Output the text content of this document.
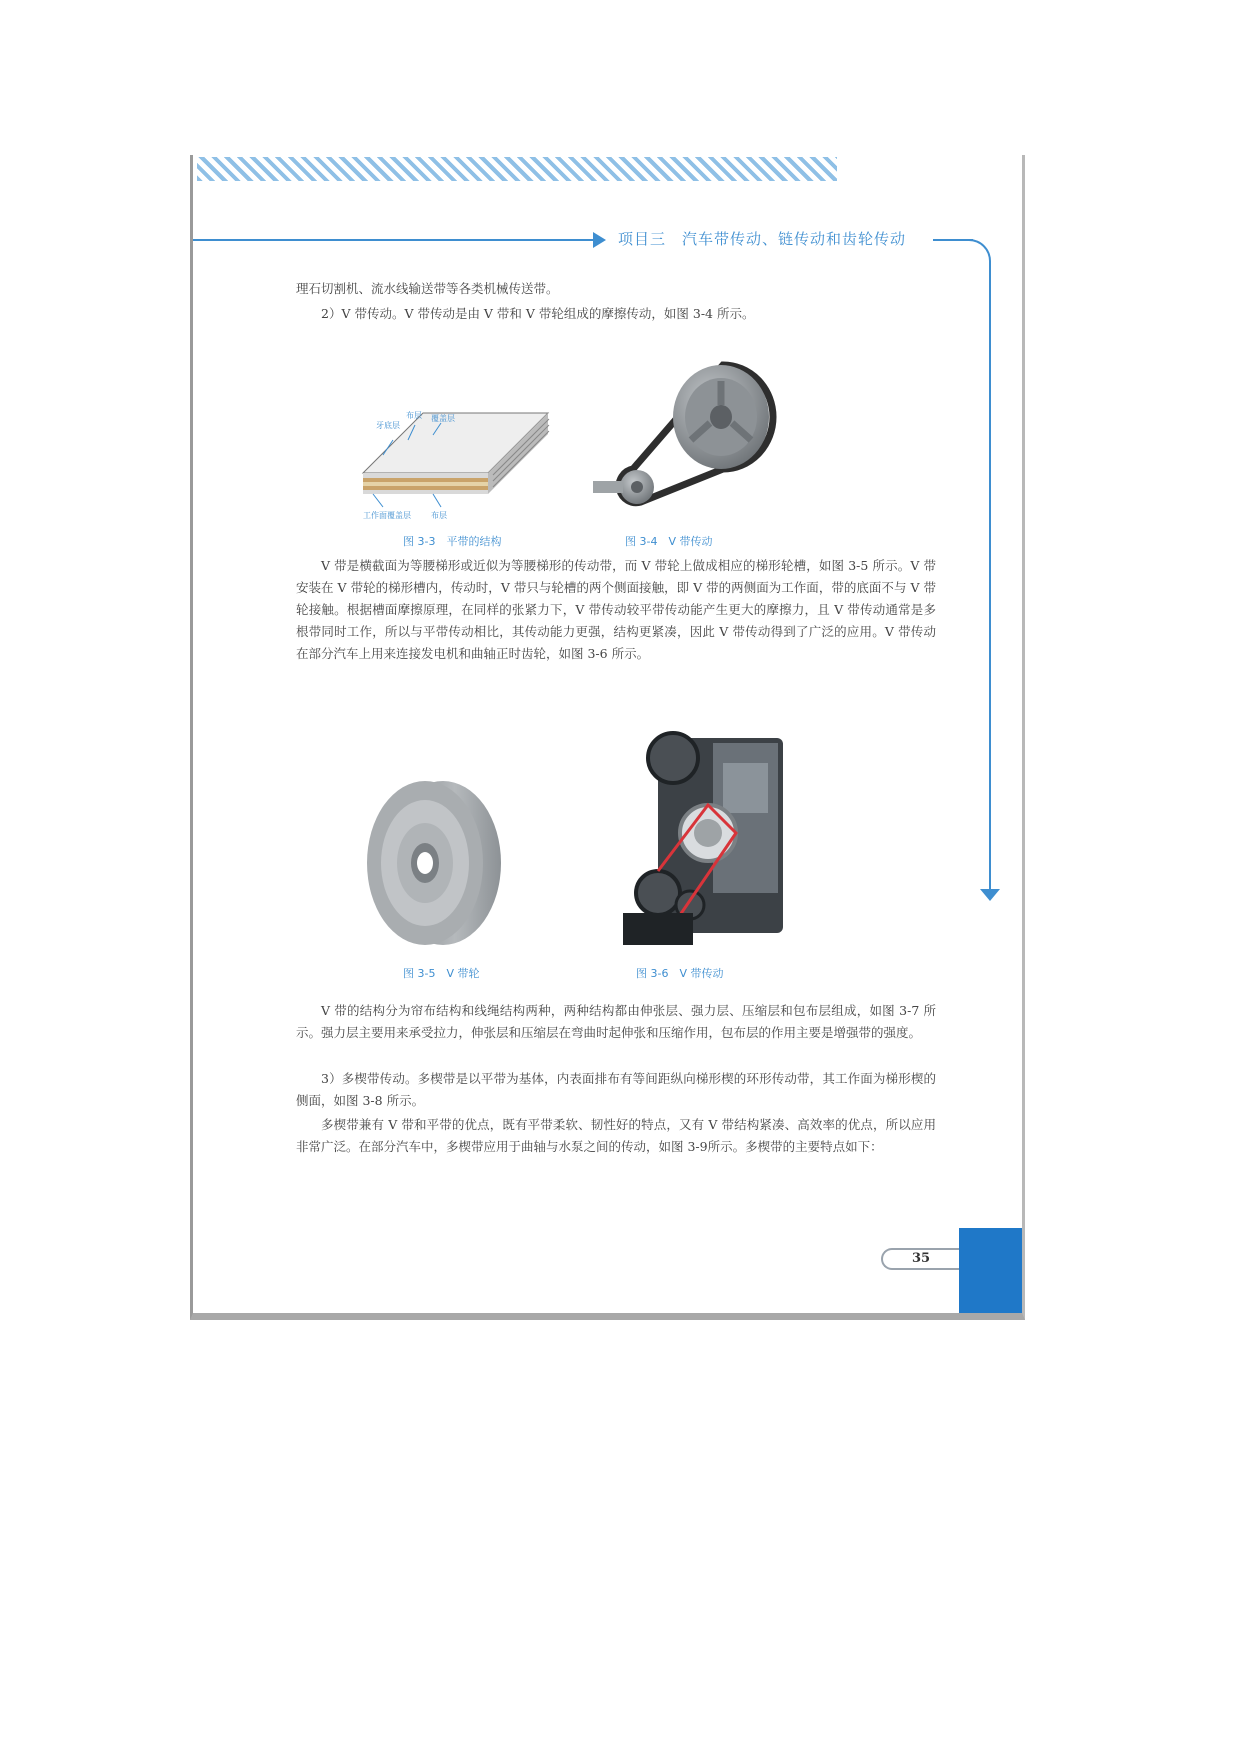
项目三　汽车带传动、链传动和齿轮传动

理石切割机、流水线输送带等各类机械传送带。

2）V 带传动。V 带传动是由 V 带和 V 带轮组成的摩擦传动，如图 3-4 所示。

牙底层
布层 覆盖层
工作面覆盖层	布层
图 3-3　平带的结构	图 3-4　V 带传动

V 带是横截面为等腰梯形或近似为等腰梯形的传动带，而 V 带轮上做成相应的梯形轮槽，如图 3-5 所示。V 带安装在 V 带轮的梯形槽内，传动时，V 带只与轮槽的两个侧面接触，即 V 带的两侧面为工作面，带的底面不与 V 带轮接触。根据槽面摩擦原理，在同样的张紧力下，V 带传动较平带传动能产生更大的摩擦力，且 V 带传动通常是多根带同时工作，所以与平带传动相比，其传动能力更强，结构更紧凑，因此 V 带传动得到了广泛的应用。V 带传动在部分汽车上用来连接发电机和曲轴正时齿轮，如图 3-6 所示。

图 3-5　V 带轮	图 3-6　V 带传动

V 带的结构分为帘布结构和线绳结构两种，两种结构都由伸张层、强力层、压缩层和包布层组成，如图 3-7 所示。强力层主要用来承受拉力，伸张层和压缩层在弯曲时起伸张和压缩作用，包布层的作用主要是增强带的强度。

3）多楔带传动。多楔带是以平带为基体，内表面排布有等间距纵向梯形楔的环形传动带，其工作面为梯形楔的侧面，如图 3-8 所示。

多楔带兼有 V 带和平带的优点，既有平带柔软、韧性好的特点，又有 V 带结构紧凑、高效率的优点，所以应用非常广泛。在部分汽车中，多楔带应用于曲轴与水泵之间的传动，如图 3-9所示。多楔带的主要特点如下：

35
